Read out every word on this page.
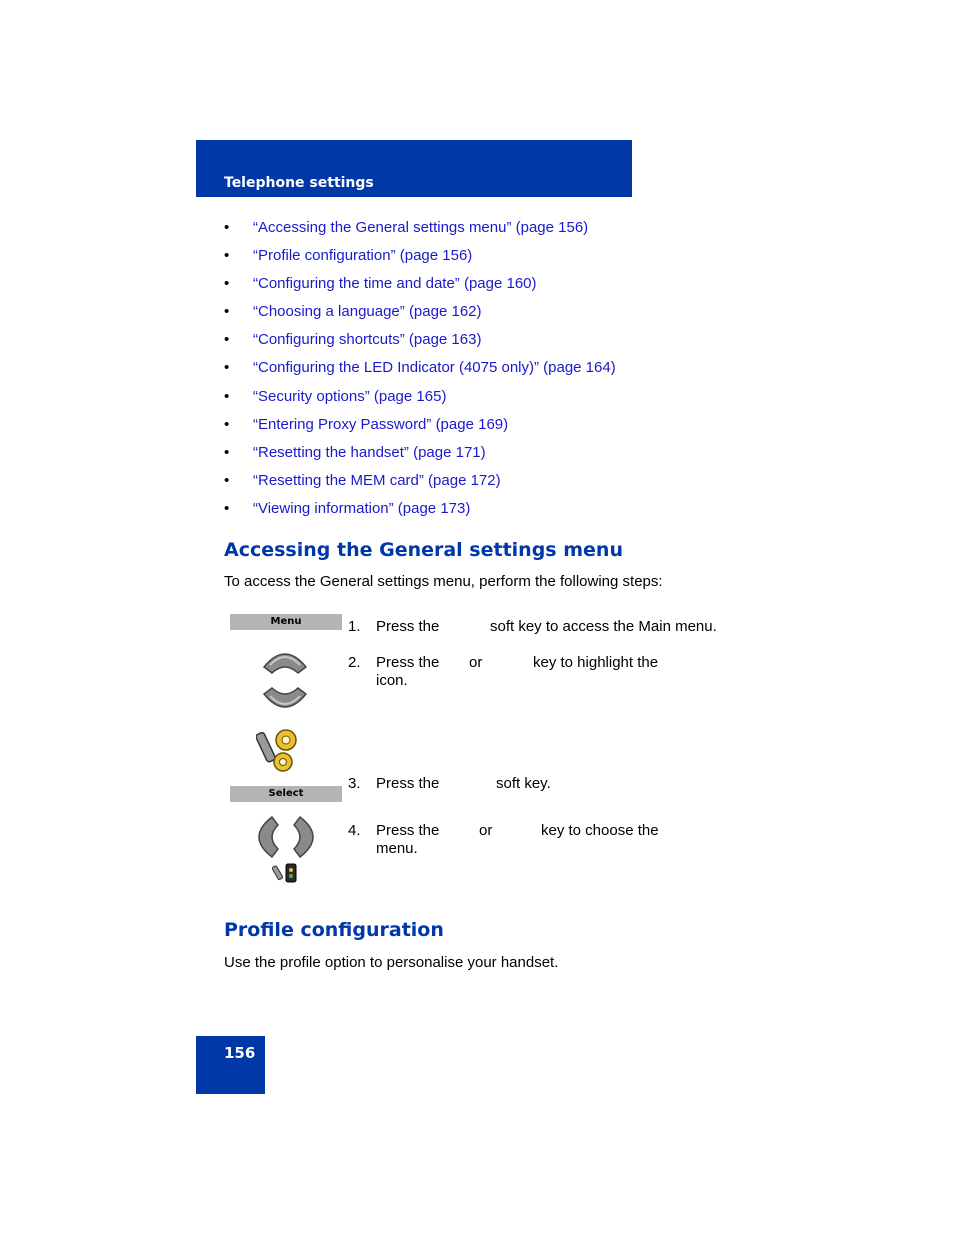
Telephone settings
• “Accessing the General settings menu” (page 156)
• “Profile configuration” (page 156)
• “Configuring the time and date” (page 160)
• “Choosing a language” (page 162)
• “Configuring shortcuts” (page 163)
• “Configuring the LED Indicator (4075 only)” (page 164)
• “Security options” (page 165)
• “Entering Proxy Password” (page 169)
• “Resetting the handset” (page 171)
• “Resetting the MEM card” (page 172)
• “Viewing information” (page 173)
Accessing the General settings menu

To access the General settings menu, perform the following steps:

Menu
Select
1. Press the	soft key to access the Main menu.
2. Press the or	key to highlight the
icon.
3. Press the	soft key.
4. Press the	or	key to choose the
menu.
Profile configuration

Use the profile option to personalise your handset.

156
